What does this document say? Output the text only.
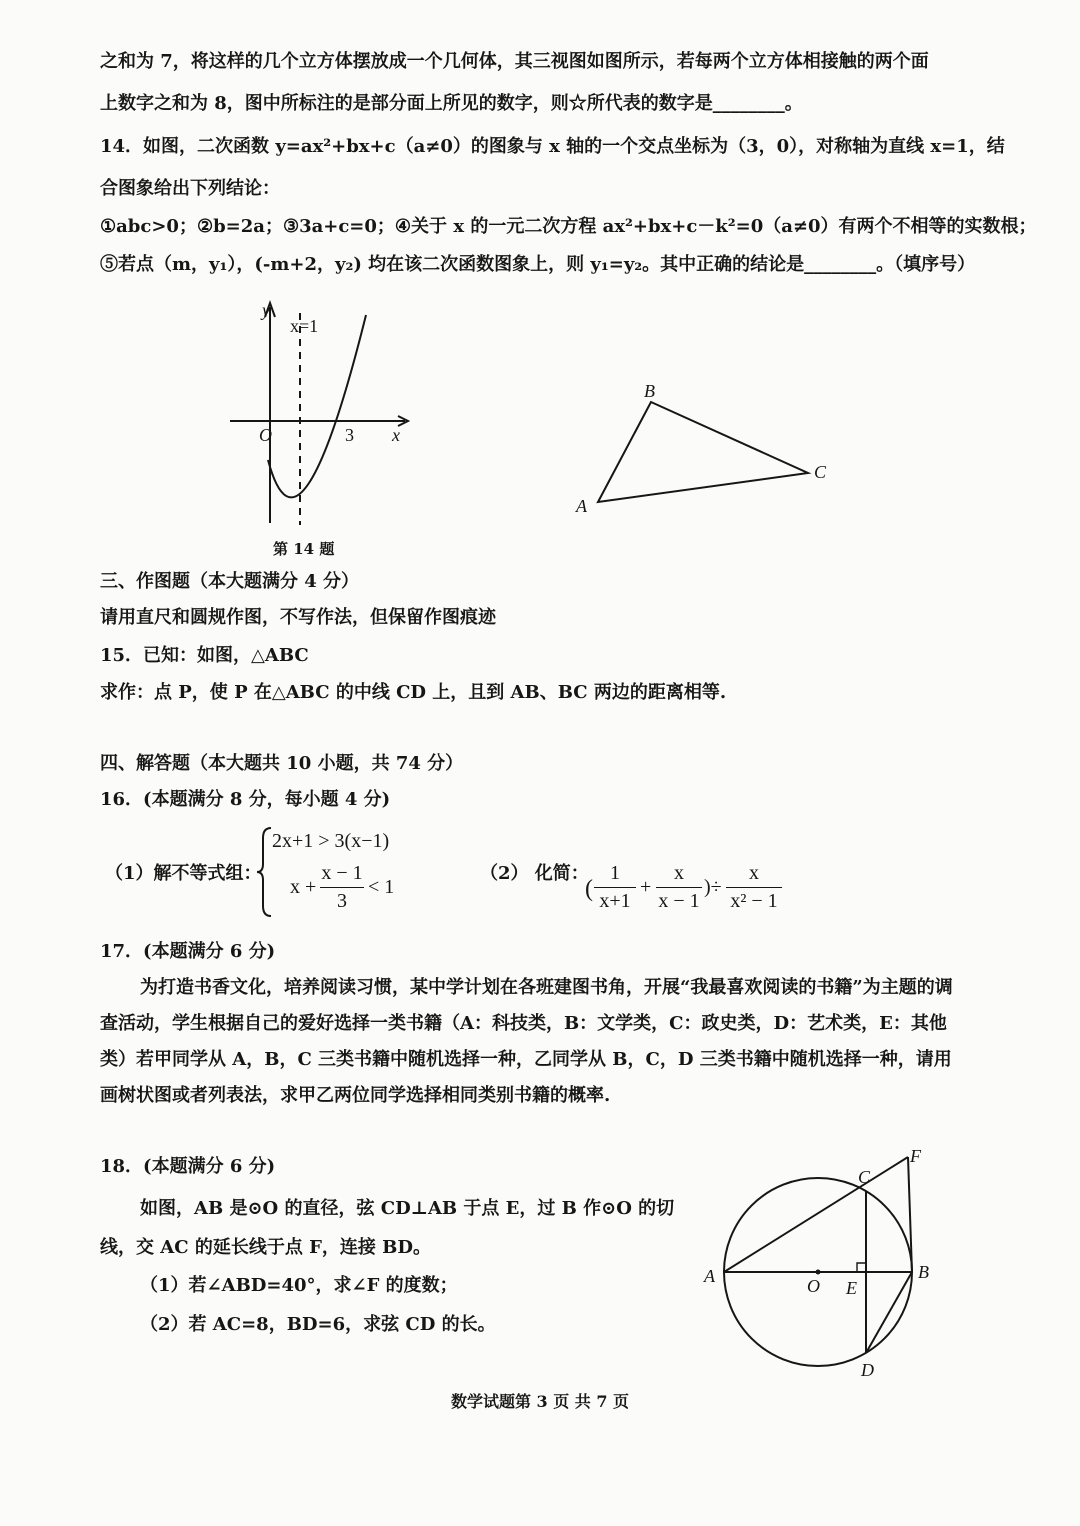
之和为 7，将这样的几个立方体摆放成一个几何体，其三视图如图所示，若每两个立方体相接触的两个面
上数字之和为 8，图中所标注的是部分面上所见的数字，则☆所代表的数字是________。
14．如图，二次函数 y=ax²+bx+c（a≠0）的图象与 x 轴的一个交点坐标为（3，0），对称轴为直线 x=1，结
合图象给出下列结论：
①abc>0；②b=2a；③3a+c=0；④关于 x 的一元二次方程 ax²+bx+c－k²=0（a≠0）有两个不相等的实数根；
⑤若点（m，y₁），(-m+2，y₂) 均在该二次函数图象上，则 y₁=y₂。其中正确的结论是________。（填序号）
y
x=1
O	3 x
第 14 题
B
A
C
三、作图题（本大题满分 4 分）
请用直尺和圆规作图，不写作法，但保留作图痕迹
15．已知：如图，△ABC
求作：点 P，使 P 在△ABC 的中线 CD 上，且到 AB、BC 两边的距离相等.
四、解答题（本大题共 10 小题，共 74 分）
16．(本题满分 8 分，每小题 4 分)
（1）解不等式组：
2x+1 > 3(x−1)
x +
x − 1
3
< 1
（2） 化简：
(
1
x+1
+
x
x − 1
)÷
x
x² − 1
17．(本题满分 6 分)
为打造书香文化，培养阅读习惯，某中学计划在各班建图书角，开展“我最喜欢阅读的书籍”为主题的调
查活动，学生根据自己的爱好选择一类书籍（A：科技类，B：文学类，C：政史类，D：艺术类，E：其他
类）若甲同学从 A，B，C 三类书籍中随机选择一种，乙同学从 B，C，D 三类书籍中随机选择一种，请用
画树状图或者列表法，求甲乙两位同学选择相同类别书籍的概率.
18．(本题满分 6 分)
如图，AB 是⊙O 的直径，弦 CD⊥AB 于点 E，过 B 作⊙O 的切
线，交 AC 的延长线于点 F，连接 BD。
（1）若∠ABD=40°，求∠F 的度数；
（2）若 AC=8，BD=6，求弦 CD 的长。
A	B
C
D
E
F
O
数学试题第 3 页 共 7 页
